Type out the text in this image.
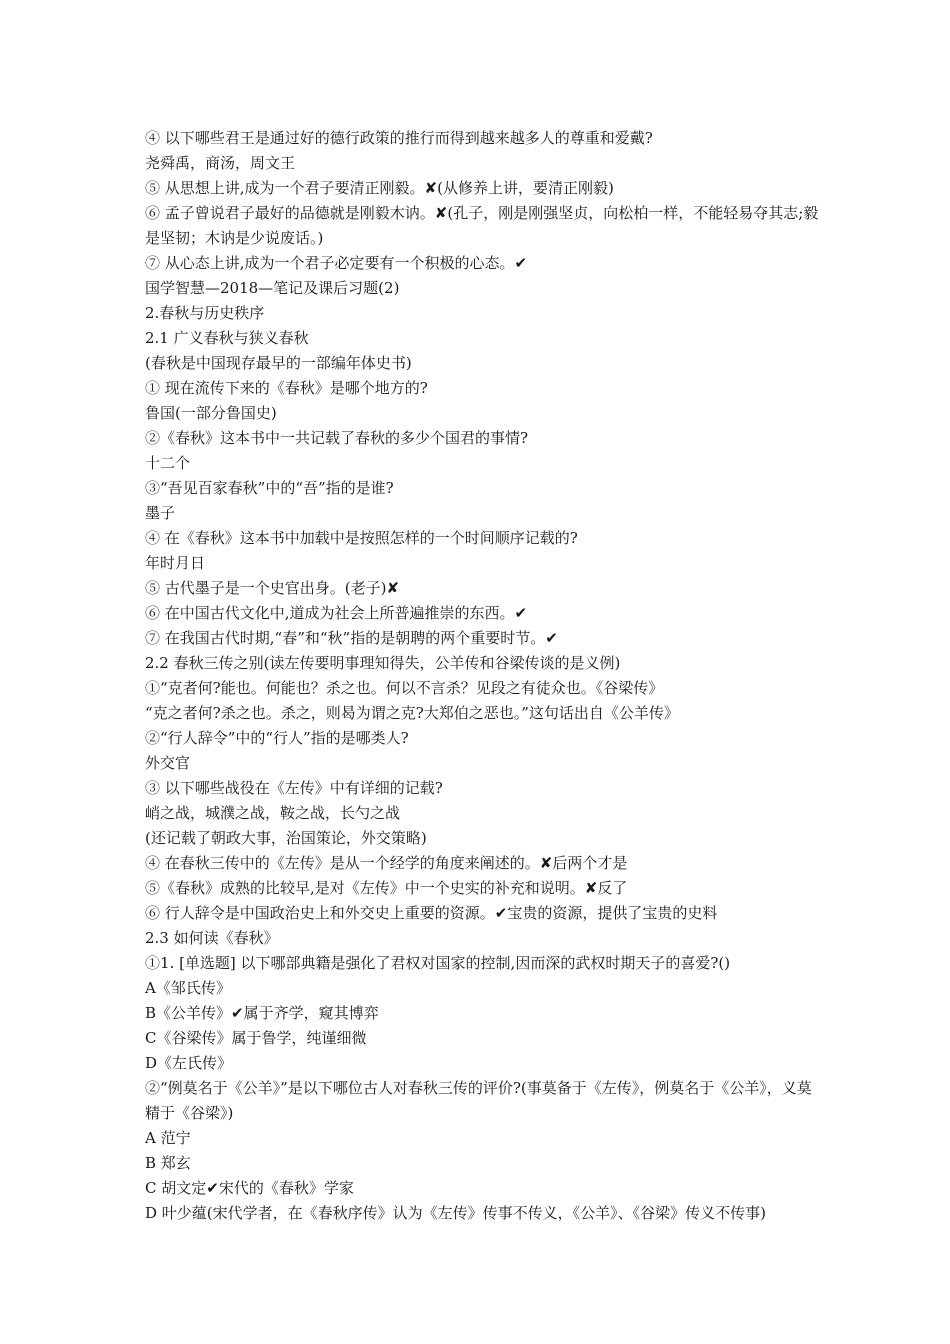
④ 以下哪些君王是通过好的德行政策的推行而得到越来越多人的尊重和爱戴?
尧舜禹，商汤，周文王
⑤ 从思想上讲,成为一个君子要清正刚毅。✘(从修养上讲，要清正刚毅)
⑥ 孟子曾说君子最好的品德就是刚毅木讷。✘(孔子，刚是刚强坚贞，向松柏一样，不能轻易夺其志;毅是坚韧；木讷是少说废话。)
⑦ 从心态上讲,成为一个君子必定要有一个积极的心态。✔
国学智慧—2018—笔记及课后习题(2)
2.春秋与历史秩序
2.1 广义春秋与狭义春秋
(春秋是中国现存最早的一部编年体史书)
① 现在流传下来的《春秋》是哪个地方的?
鲁国(一部分鲁国史)
②《春秋》这本书中一共记载了春秋的多少个国君的事情?
十二个
③“吾见百家春秋”中的“吾”指的是谁?
墨子
④ 在《春秋》这本书中加载中是按照怎样的一个时间顺序记载的?
年时月日
⑤ 古代墨子是一个史官出身。(老子)✘
⑥ 在中国古代文化中,道成为社会上所普遍推崇的东西。✔
⑦ 在我国古代时期,“春”和“秋”指的是朝聘的两个重要时节。✔
2.2 春秋三传之别(读左传要明事理知得失，公羊传和谷梁传谈的是义例)
①“克者何?能也。何能也？杀之也。何以不言杀？见段之有徒众也。《谷梁传》
“克之者何?杀之也。杀之，则曷为谓之克?大郑伯之恶也。”这句话出自《公羊传》
②“行人辞令”中的“行人”指的是哪类人?
外交官
③ 以下哪些战役在《左传》中有详细的记载?
峭之战，城濮之战，鞍之战，长勺之战
(还记载了朝政大事，治国策论，外交策略)
④ 在春秋三传中的《左传》是从一个经学的角度来阐述的。✘后两个才是
⑤《春秋》成熟的比较早,是对《左传》中一个史实的补充和说明。✘反了
⑥ 行人辞令是中国政治史上和外交史上重要的资源。✔宝贵的资源，提供了宝贵的史料
2.3 如何读《春秋》
①1. [单选题] 以下哪部典籍是强化了君权对国家的控制,因而深的武权时期天子的喜爱?()
A《邹氏传》
B《公羊传》✔属于齐学，窥其博弈
C《谷梁传》属于鲁学，纯谨细微
D《左氏传》
②“例莫名于《公羊》”是以下哪位古人对春秋三传的评价?(事莫备于《左传》，例莫名于《公羊》，义莫精于《谷梁》)
A 范宁
B 郑玄
C 胡文定✔宋代的《春秋》学家
D 叶少蕴(宋代学者，在《春秋序传》认为《左传》传事不传义，《公羊》、《谷梁》传义不传事)
